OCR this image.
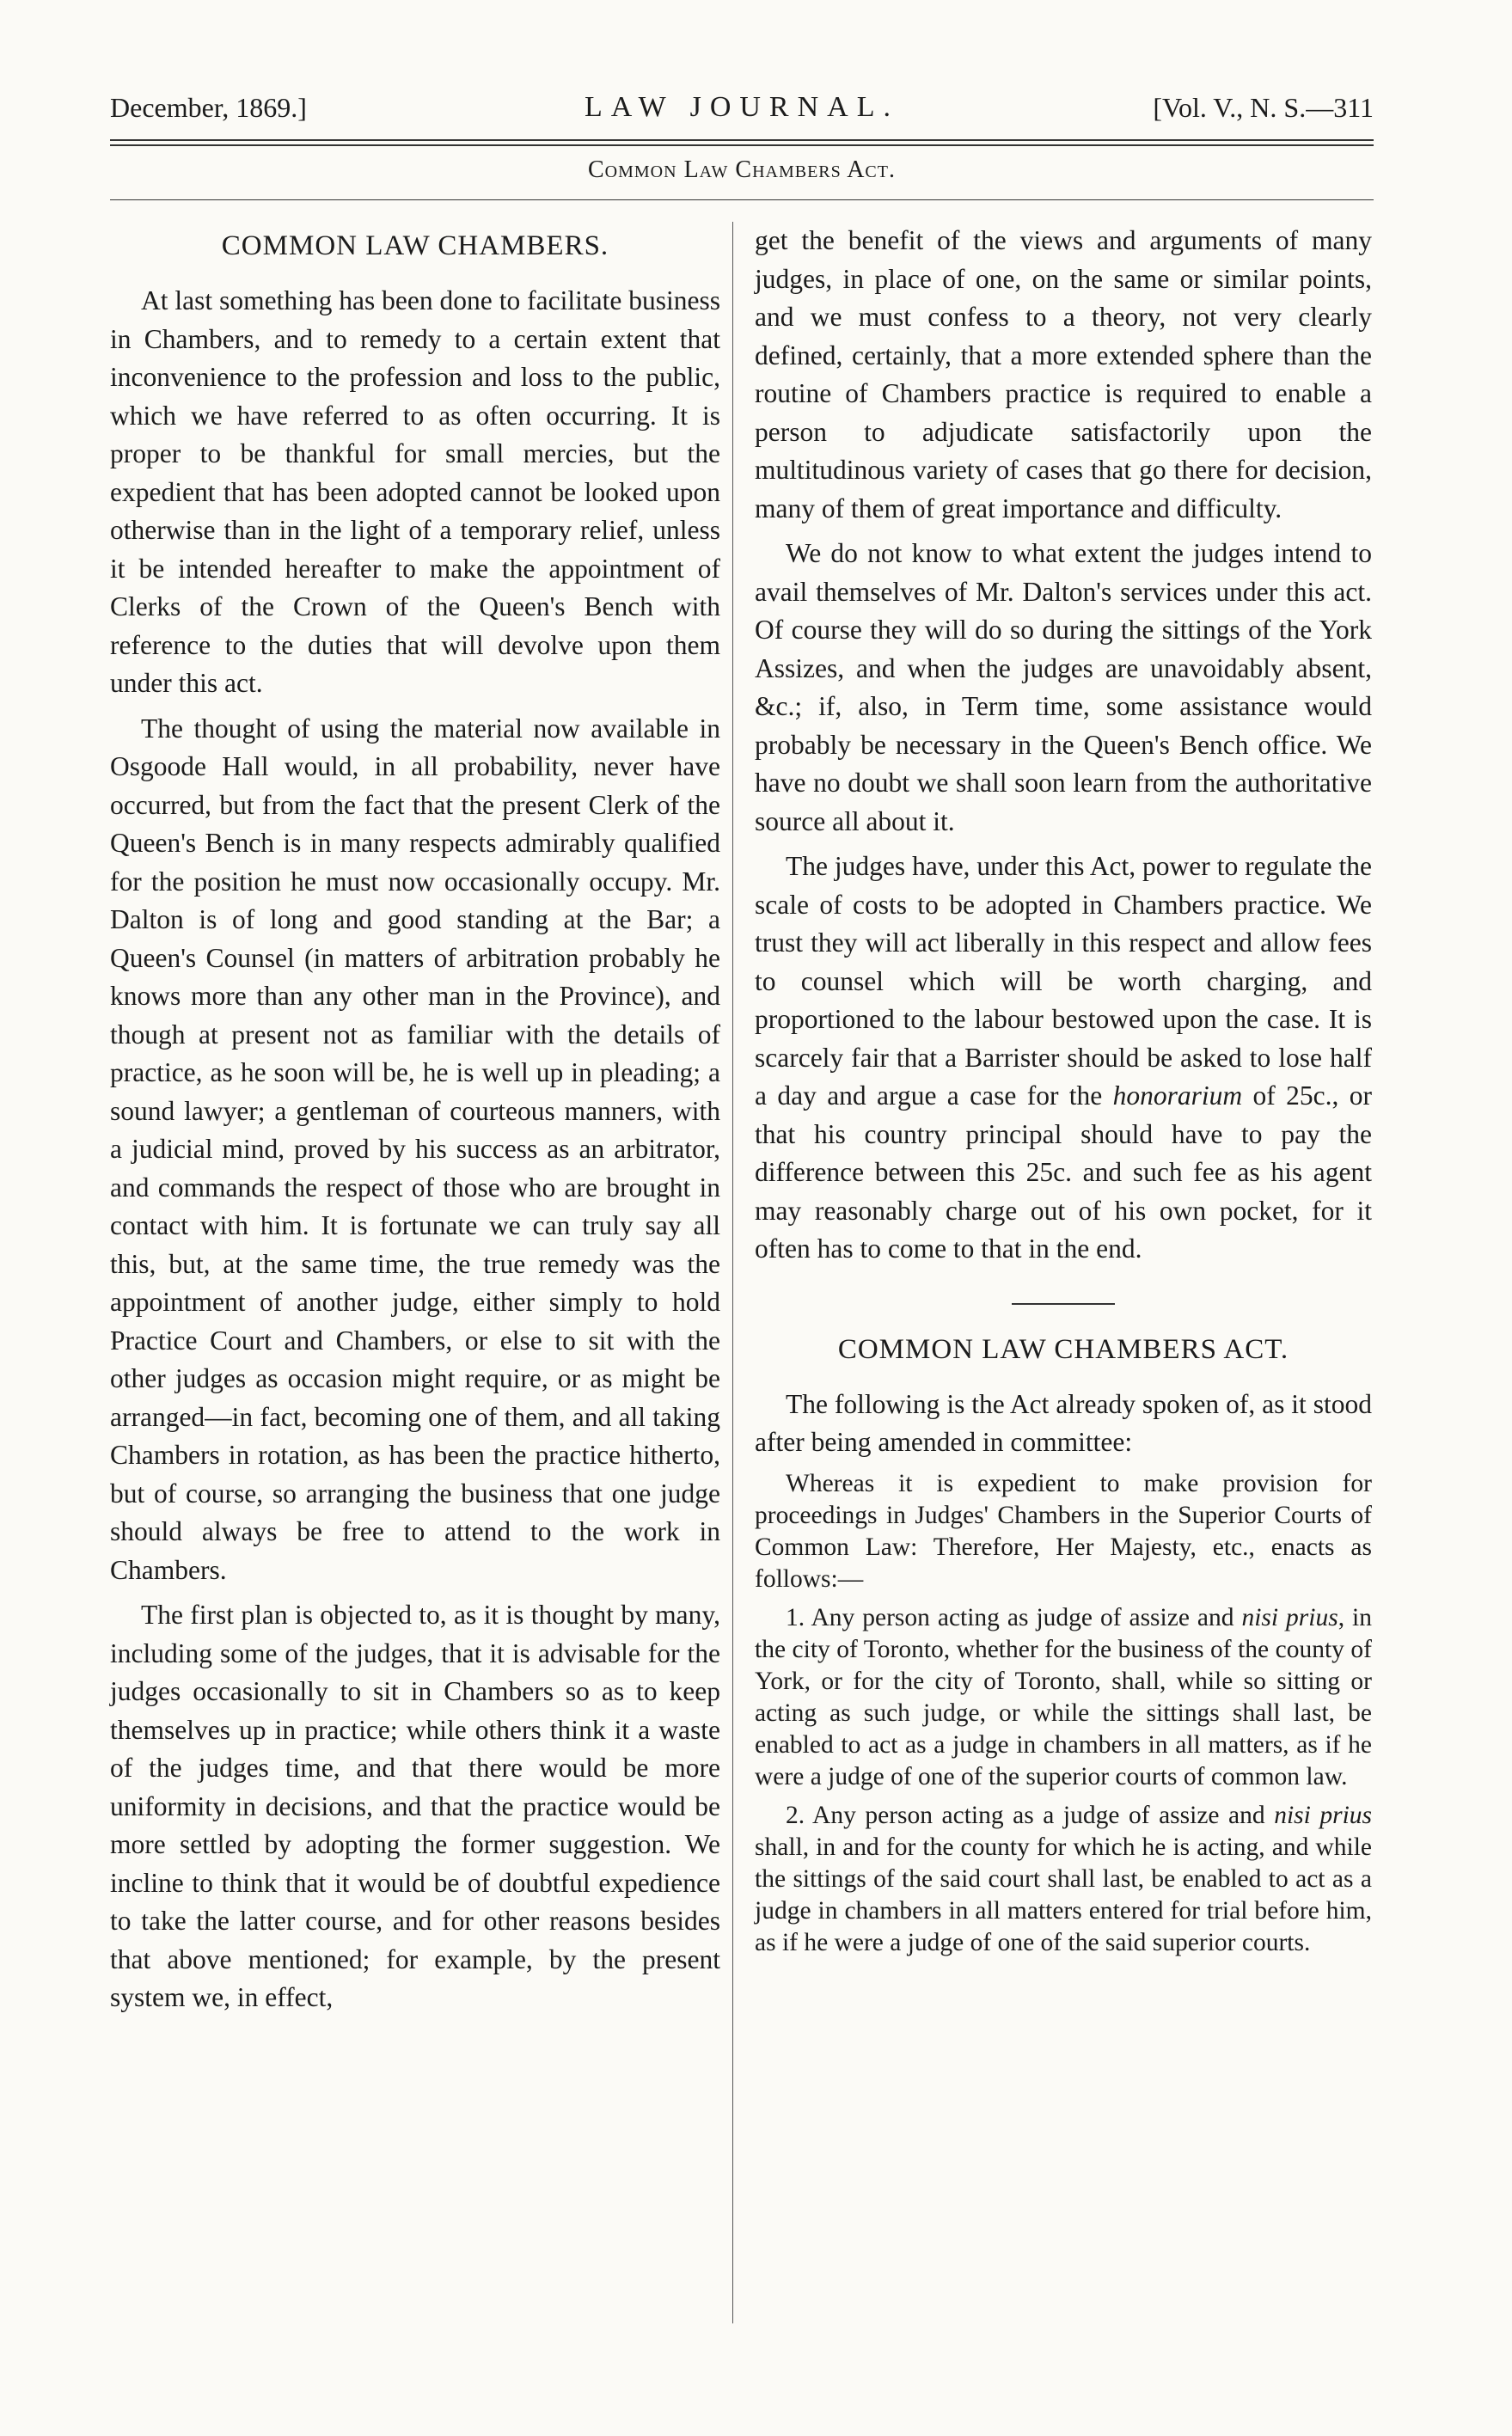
December, 1869.]	LAW JOURNAL.	[Vol. V., N. S.—311
Common Law Chambers Act.
COMMON LAW CHAMBERS.

At last something has been done to facilitate business in Chambers, and to remedy to a certain extent that inconvenience to the profession and loss to the public, which we have referred to as often occurring. It is proper to be thankful for small mercies, but the expedient that has been adopted cannot be looked upon otherwise than in the light of a temporary relief, unless it be intended hereafter to make the appointment of Clerks of the Crown of the Queen's Bench with reference to the duties that will devolve upon them under this act.

The thought of using the material now available in Osgoode Hall would, in all probability, never have occurred, but from the fact that the present Clerk of the Queen's Bench is in many respects admirably qualified for the position he must now occasionally occupy. Mr. Dalton is of long and good standing at the Bar; a Queen's Counsel (in matters of arbitration probably he knows more than any other man in the Province), and though at present not as familiar with the details of practice, as he soon will be, he is well up in pleading; a sound lawyer; a gentleman of courteous manners, with a judicial mind, proved by his success as an arbitrator, and commands the respect of those who are brought in contact with him. It is fortunate we can truly say all this, but, at the same time, the true remedy was the appointment of another judge, either simply to hold Practice Court and Chambers, or else to sit with the other judges as occasion might require, or as might be arranged—in fact, becoming one of them, and all taking Chambers in rotation, as has been the practice hitherto, but of course, so arranging the business that one judge should always be free to attend to the work in Chambers.

The first plan is objected to, as it is thought by many, including some of the judges, that it is advisable for the judges occasionally to sit in Chambers so as to keep themselves up in practice; while others think it a waste of the judges time, and that there would be more uniformity in decisions, and that the practice would be more settled by adopting the former suggestion. We incline to think that it would be of doubtful expedience to take the latter course, and for other reasons besides that above mentioned; for example, by the present system we, in effect,

get the benefit of the views and arguments of many judges, in place of one, on the same or similar points, and we must confess to a theory, not very clearly defined, certainly, that a more extended sphere than the routine of Chambers practice is required to enable a person to adjudicate satisfactorily upon the multitudinous variety of cases that go there for decision, many of them of great importance and difficulty.

We do not know to what extent the judges intend to avail themselves of Mr. Dalton's services under this act. Of course they will do so during the sittings of the York Assizes, and when the judges are unavoidably absent, &c.; if, also, in Term time, some assistance would probably be necessary in the Queen's Bench office. We have no doubt we shall soon learn from the authoritative source all about it.

The judges have, under this Act, power to regulate the scale of costs to be adopted in Chambers practice. We trust they will act liberally in this respect and allow fees to counsel which will be worth charging, and proportioned to the labour bestowed upon the case. It is scarcely fair that a Barrister should be asked to lose half a day and argue a case for the honorarium of 25c., or that his country principal should have to pay the difference between this 25c. and such fee as his agent may reasonably charge out of his own pocket, for it often has to come to that in the end.

COMMON LAW CHAMBERS ACT.

The following is the Act already spoken of, as it stood after being amended in committee:

Whereas it is expedient to make provision for proceedings in Judges' Chambers in the Superior Courts of Common Law: Therefore, Her Majesty, etc., enacts as follows:—

1. Any person acting as judge of assize and nisi prius, in the city of Toronto, whether for the business of the county of York, or for the city of Toronto, shall, while so sitting or acting as such judge, or while the sittings shall last, be enabled to act as a judge in chambers in all matters, as if he were a judge of one of the superior courts of common law.

2. Any person acting as a judge of assize and nisi prius shall, in and for the county for which he is acting, and while the sittings of the said court shall last, be enabled to act as a judge in chambers in all matters entered for trial before him, as if he were a judge of one of the said superior courts.
